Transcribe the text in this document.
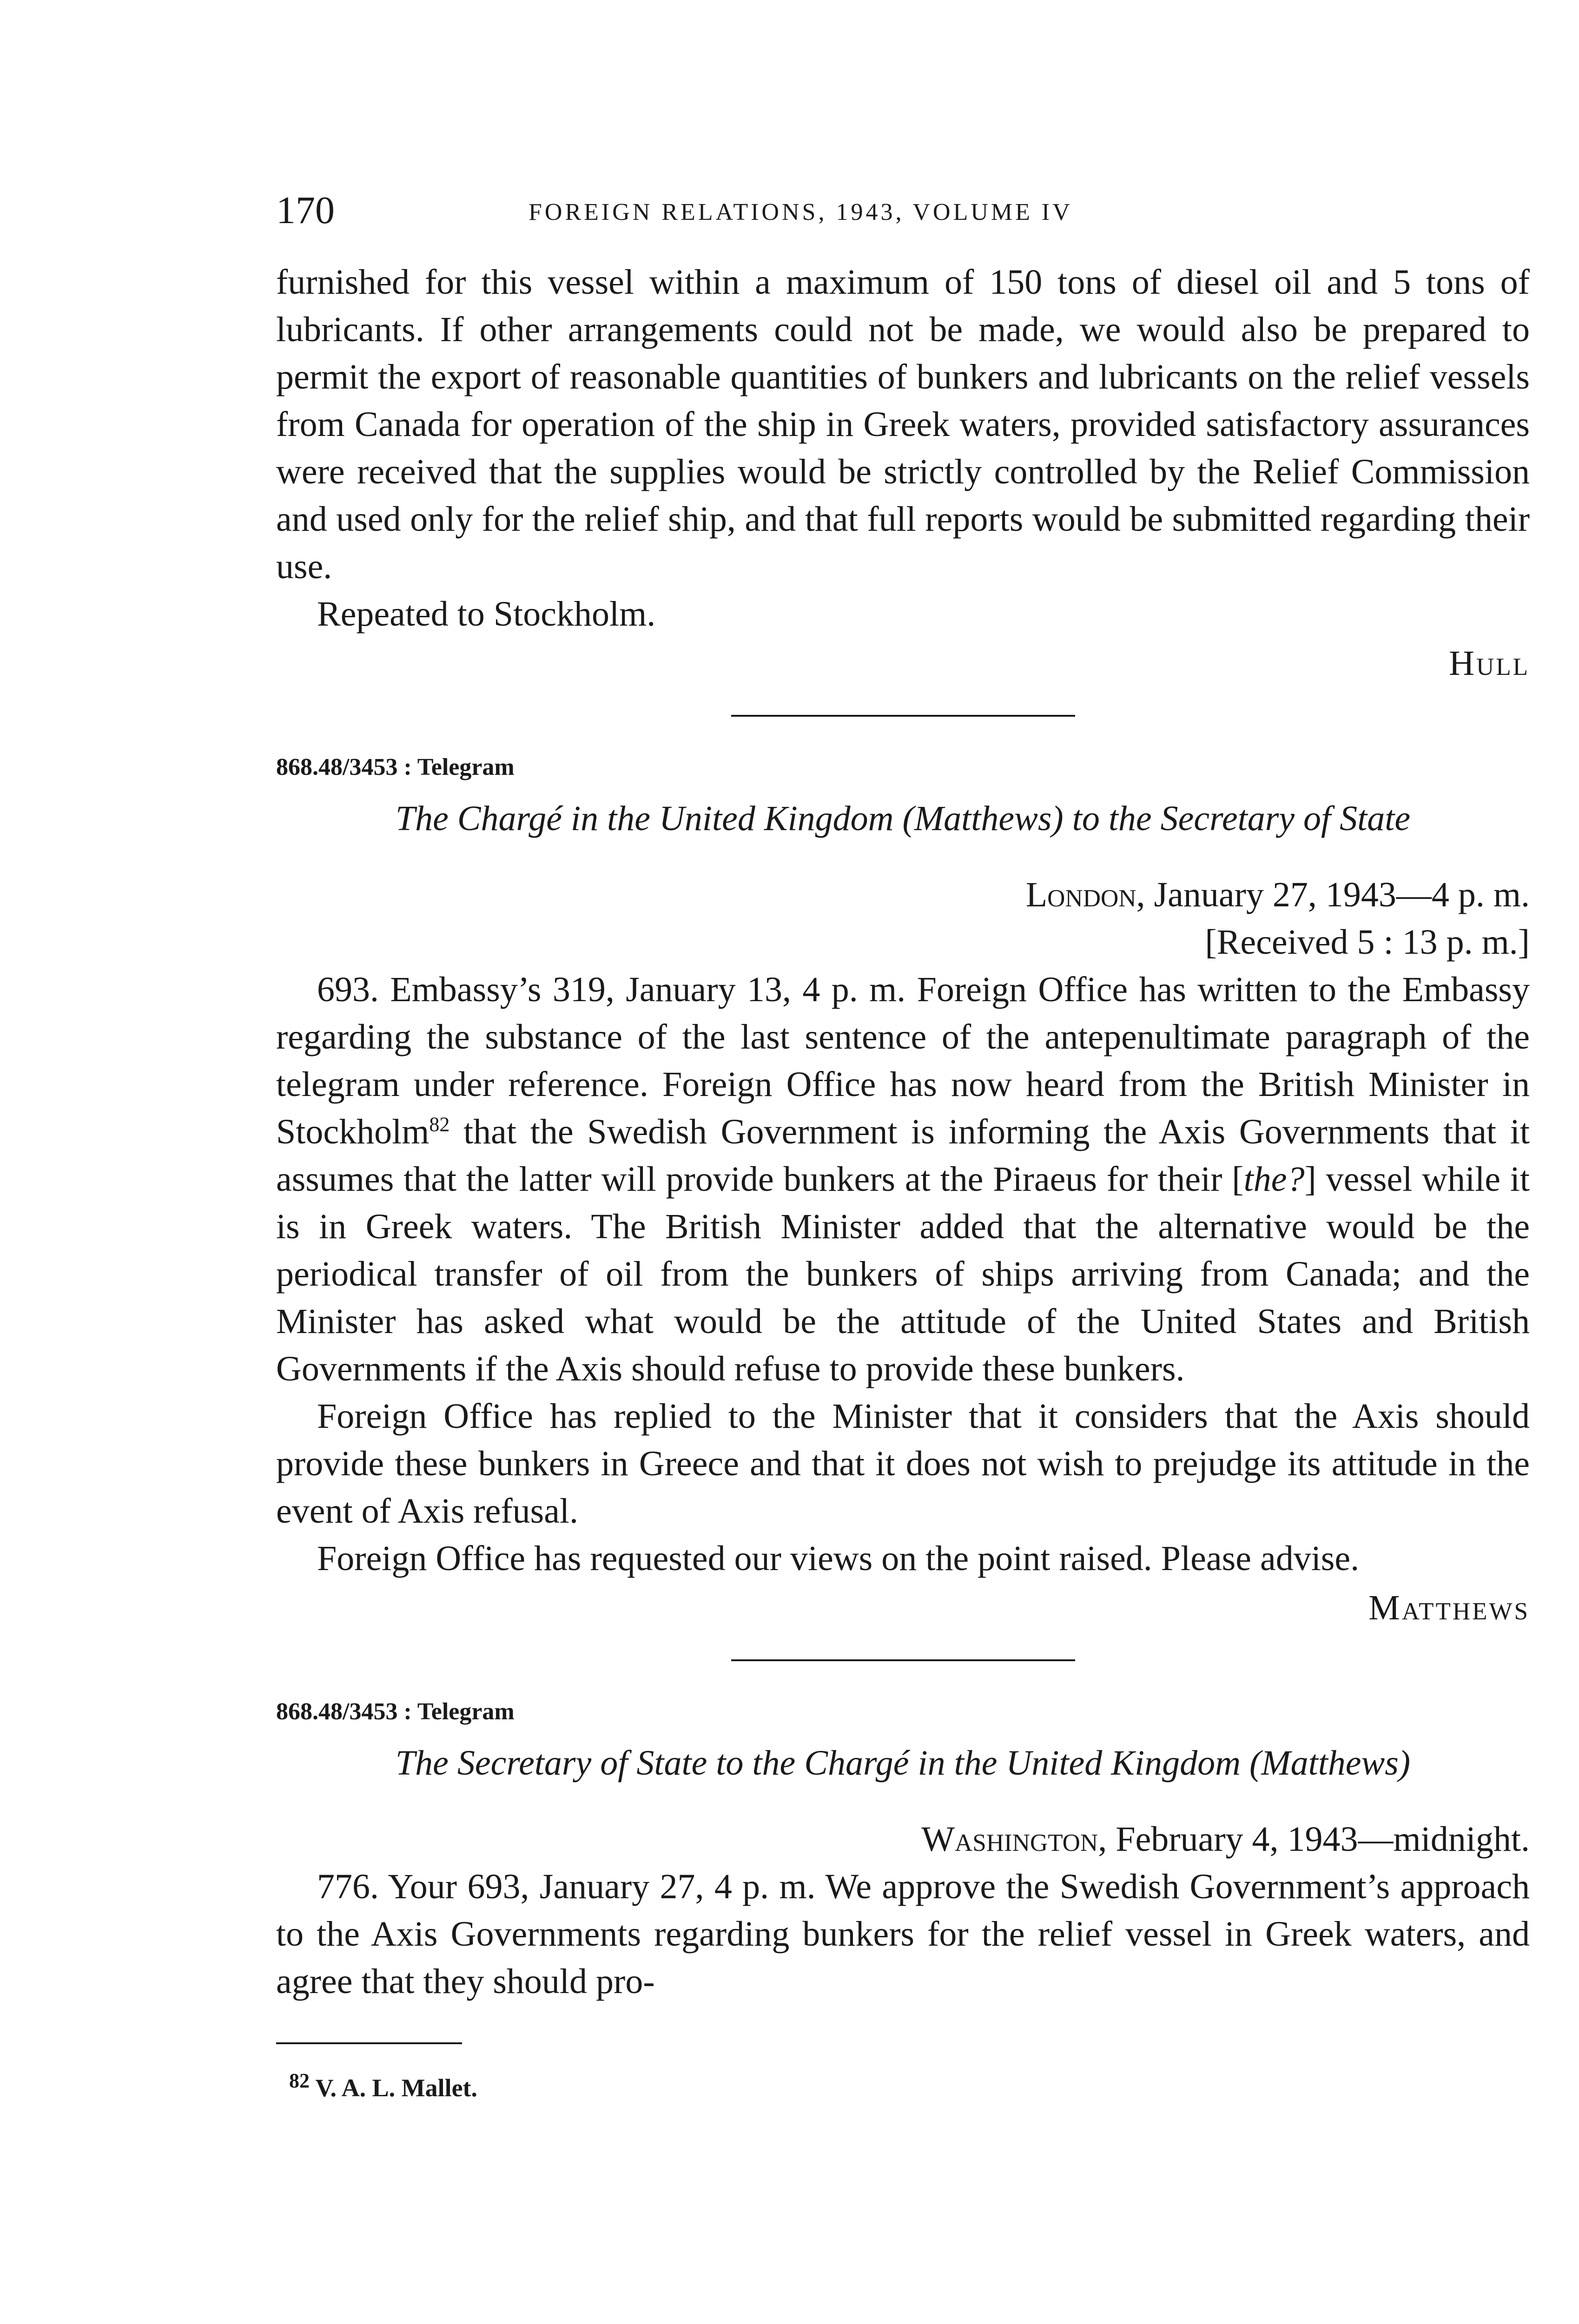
170	FOREIGN RELATIONS, 1943, VOLUME IV

furnished for this vessel within a maximum of 150 tons of diesel oil and 5 tons of lubricants. If other arrangements could not be made, we would also be prepared to permit the export of reasonable quantities of bunkers and lubricants on the relief vessels from Canada for operation of the ship in Greek waters, provided satisfactory assurances were received that the supplies would be strictly controlled by the Relief Commission and used only for the relief ship, and that full reports would be submitted regarding their use.

Repeated to Stockholm.

Hull

868.48/3453 : Telegram

The Chargé in the United Kingdom (Matthews) to the Secretary of State

London, January 27, 1943—4 p. m.

[Received 5 : 13 p. m.]

693. Embassy’s 319, January 13, 4 p. m. Foreign Office has written to the Embassy regarding the substance of the last sentence of the antepenultimate paragraph of the telegram under reference. Foreign Office has now heard from the British Minister in Stockholm$^{82}$ that the Swedish Government is informing the Axis Governments that it assumes that the latter will provide bunkers at the Piraeus for their [the?] vessel while it is in Greek waters. The British Minister added that the alternative would be the periodical transfer of oil from the bunkers of ships arriving from Canada; and the Minister has asked what would be the attitude of the United States and British Governments if the Axis should refuse to provide these bunkers.

Foreign Office has replied to the Minister that it considers that the Axis should provide these bunkers in Greece and that it does not wish to prejudge its attitude in the event of Axis refusal.

Foreign Office has requested our views on the point raised. Please advise.

Matthews

868.48/3453 : Telegram

The Secretary of State to the Chargé in the United Kingdom (Matthews)

Washington, February 4, 1943—midnight.

776. Your 693, January 27, 4 p. m. We approve the Swedish Government’s approach to the Axis Governments regarding bunkers for the relief vessel in Greek waters, and agree that they should pro-

$^{82}$ V. A. L. Mallet.
